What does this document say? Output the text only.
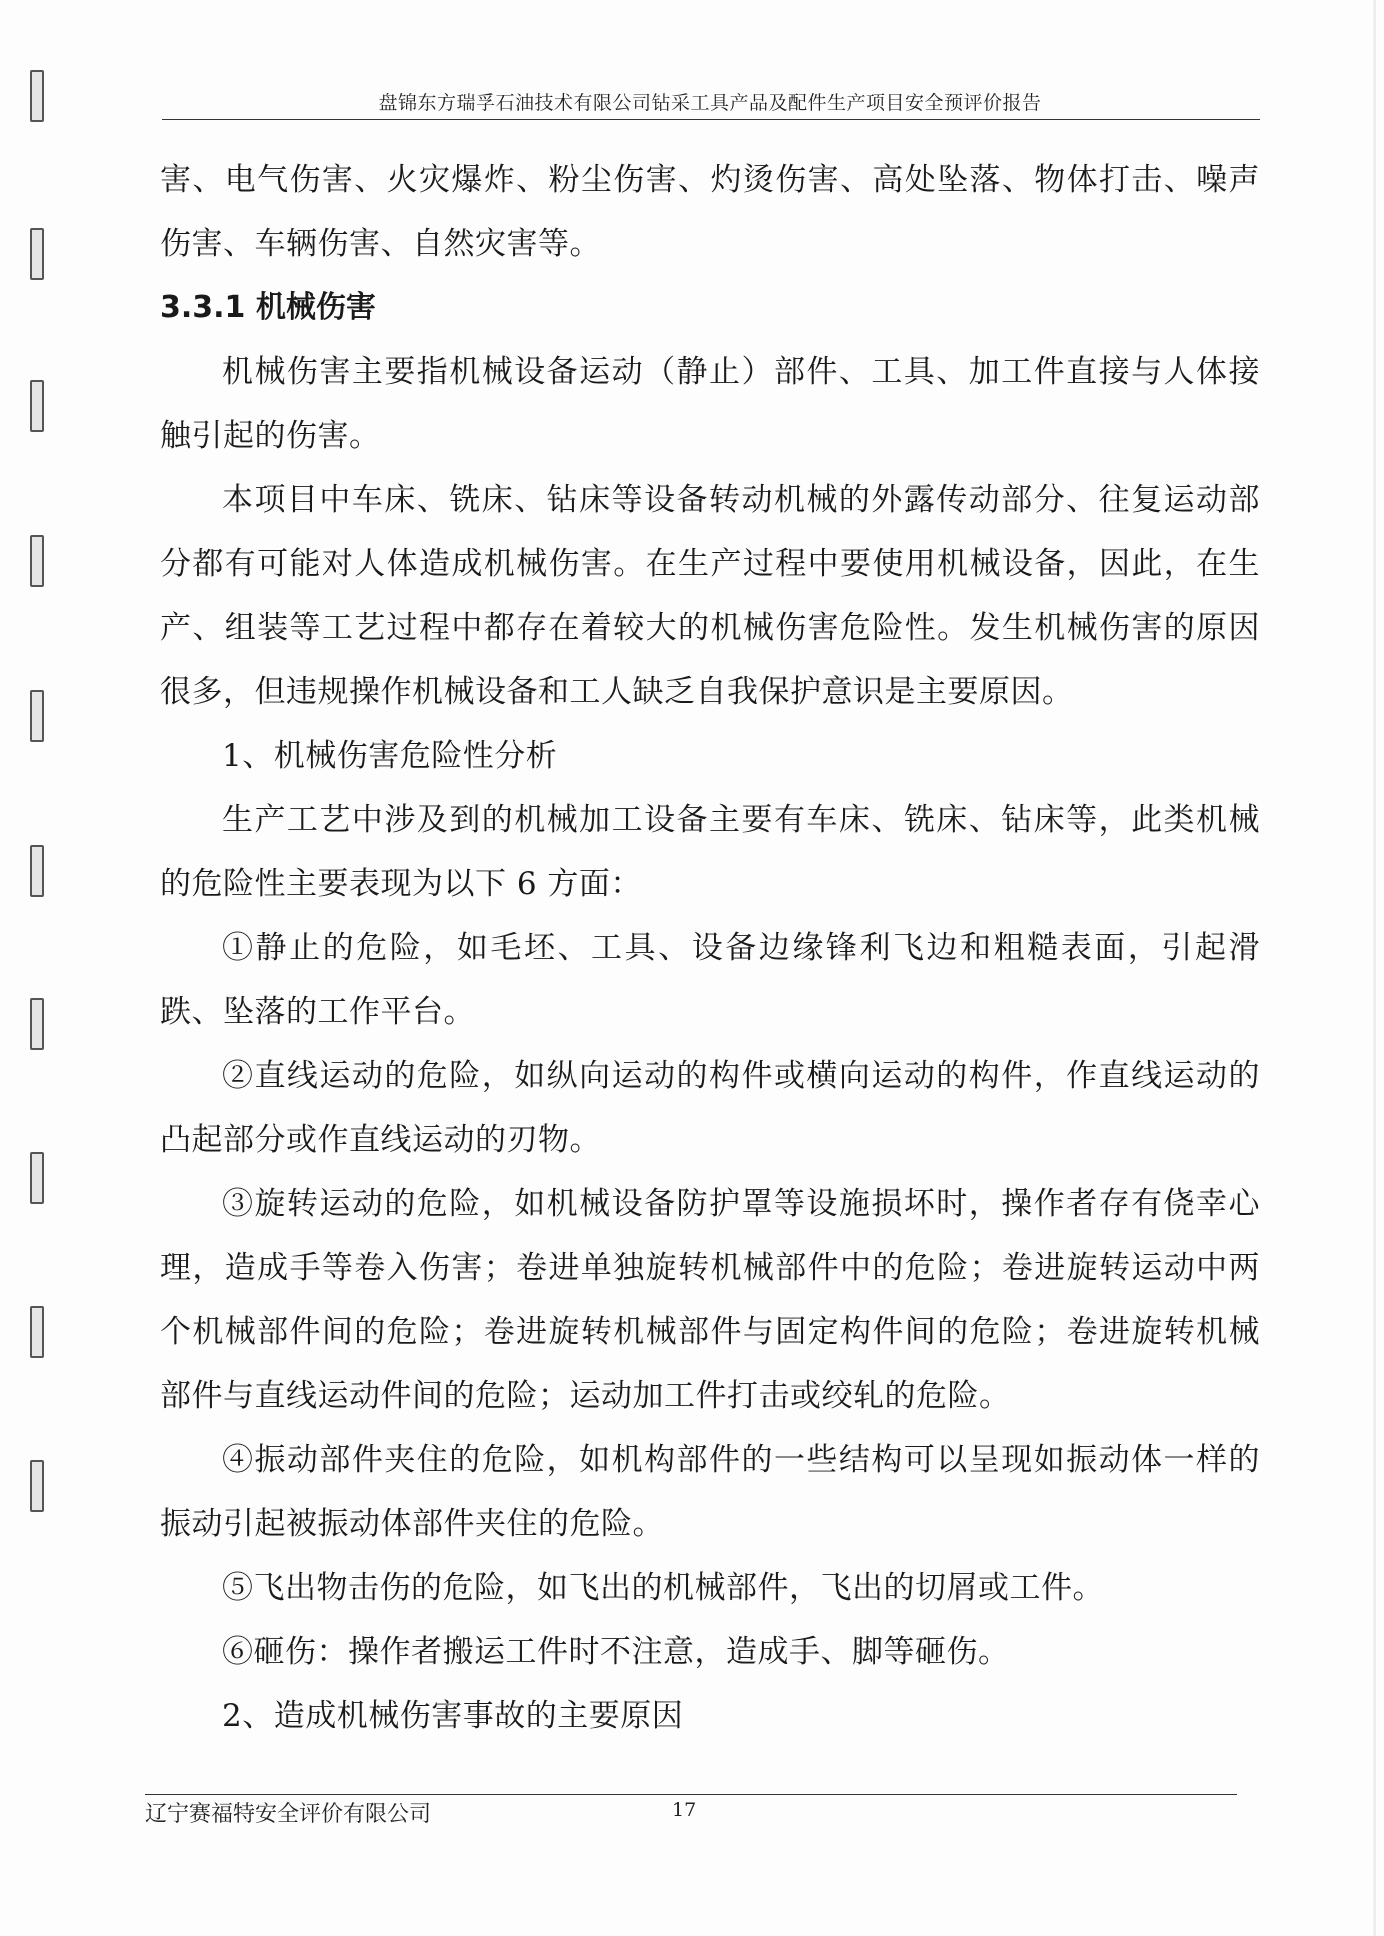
盘锦东方瑞孚石油技术有限公司钻采工具产品及配件生产项目安全预评价报告

害、电气伤害、火灾爆炸、粉尘伤害、灼烫伤害、高处坠落、物体打击、噪声伤害、车辆伤害、自然灾害等。

3.3.1 机械伤害

机械伤害主要指机械设备运动（静止）部件、工具、加工件直接与人体接触引起的伤害。

本项目中车床、铣床、钻床等设备转动机械的外露传动部分、往复运动部分都有可能对人体造成机械伤害。在生产过程中要使用机械设备，因此，在生产、组装等工艺过程中都存在着较大的机械伤害危险性。发生机械伤害的原因很多，但违规操作机械设备和工人缺乏自我保护意识是主要原因。

1、机械伤害危险性分析

生产工艺中涉及到的机械加工设备主要有车床、铣床、钻床等，此类机械的危险性主要表现为以下 6 方面：

①静止的危险，如毛坯、工具、设备边缘锋利飞边和粗糙表面，引起滑跌、坠落的工作平台。

②直线运动的危险，如纵向运动的构件或横向运动的构件，作直线运动的凸起部分或作直线运动的刃物。

③旋转运动的危险，如机械设备防护罩等设施损坏时，操作者存有侥幸心理，造成手等卷入伤害；卷进单独旋转机械部件中的危险；卷进旋转运动中两个机械部件间的危险；卷进旋转机械部件与固定构件间的危险；卷进旋转机械部件与直线运动件间的危险；运动加工件打击或绞轧的危险。

④振动部件夹住的危险，如机构部件的一些结构可以呈现如振动体一样的振动引起被振动体部件夹住的危险。

⑤飞出物击伤的危险，如飞出的机械部件，飞出的切屑或工件。

⑥砸伤：操作者搬运工件时不注意，造成手、脚等砸伤。

2、造成机械伤害事故的主要原因

辽宁赛福特安全评价有限公司	17
